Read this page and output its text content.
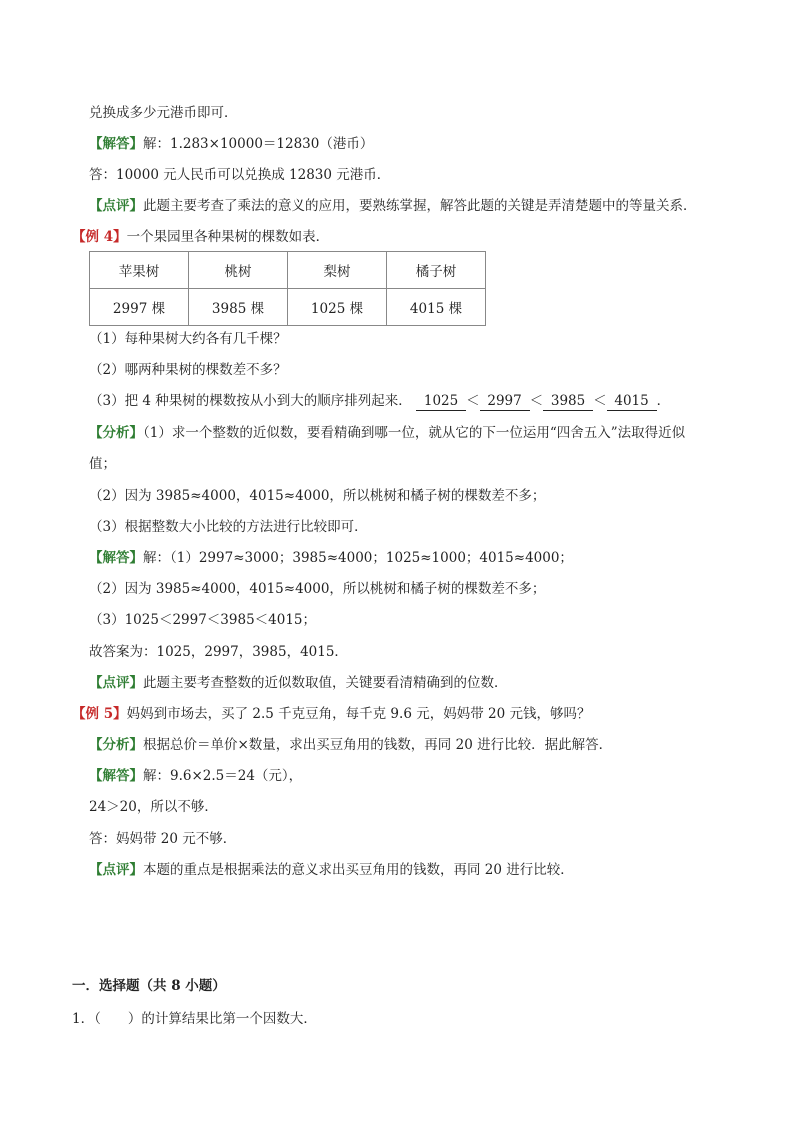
兑换成多少元港币即可．
【解答】解：1.283×10000＝12830（港币）
答：10000 元人民币可以兑换成 12830 元港币．
【点评】此题主要考查了乘法的意义的应用，要熟练掌握，解答此题的关键是弄清楚题中的等量关系．
【例 4】一个果园里各种果树的棵数如表．
苹果树	桃树	梨树	橘子树
2997 棵	3985 棵	1025 棵	4015 棵
（1）每种果树大约各有几千棵？
（2）哪两种果树的棵数差不多？
（3）把 4 种果树的棵数按从小到大的顺序排列起来． 1025 ＜ 2997 ＜ 3985 ＜ 4015 ．
【分析】（1）求一个整数的近似数，要看精确到哪一位，就从它的下一位运用“四舍五入”法取得近似
值；
（2）因为 3985≈4000，4015≈4000，所以桃树和橘子树的棵数差不多；
（3）根据整数大小比较的方法进行比较即可．
【解答】解：（1）2997≈3000；3985≈4000；1025≈1000；4015≈4000；
（2）因为 3985≈4000，4015≈4000，所以桃树和橘子树的棵数差不多；
（3）1025＜2997＜3985＜4015；
故答案为：1025，2997，3985，4015．
【点评】此题主要考查整数的近似数取值，关键要看清精确到的位数．
【例 5】妈妈到市场去，买了 2.5 千克豆角，每千克 9.6 元，妈妈带 20 元钱，够吗？
【分析】根据总价＝单价×数量，求出买豆角用的钱数，再同 20 进行比较．据此解答．
【解答】解：9.6×2.5＝24（元），
24＞20，所以不够．
答：妈妈带 20 元不够．
【点评】本题的重点是根据乘法的意义求出买豆角用的钱数，再同 20 进行比较．
一．选择题（共 8 小题）
1．（　　）的计算结果比第一个因数大．
